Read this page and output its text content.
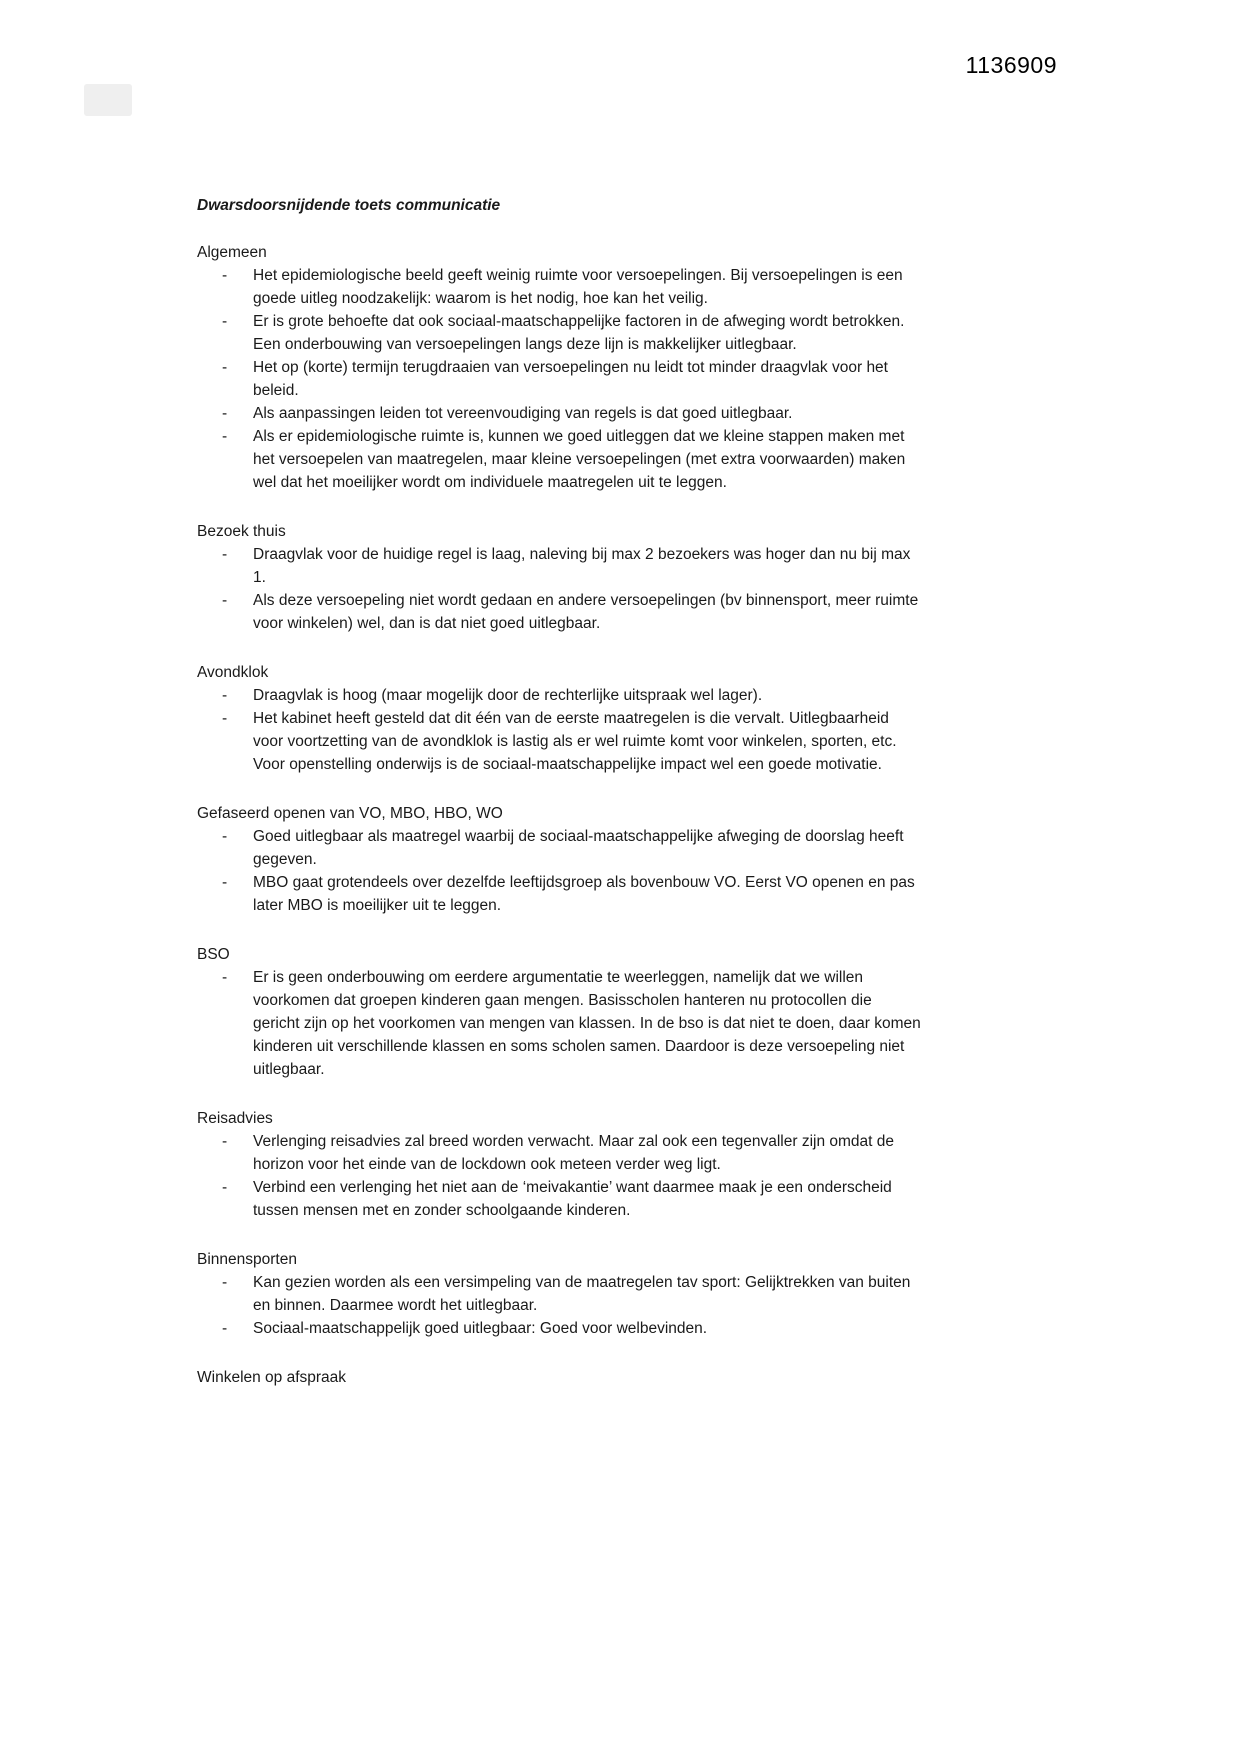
1136909
Dwarsdoorsnijdende toets communicatie
Algemeen
- Het epidemiologische beeld geeft weinig ruimte voor versoepelingen. Bij versoepelingen is een goede uitleg noodzakelijk: waarom is het nodig, hoe kan het veilig.
- Er is grote behoefte dat ook sociaal-maatschappelijke factoren in de afweging wordt betrokken. Een onderbouwing van versoepelingen langs deze lijn is makkelijker uitlegbaar.
- Het op (korte) termijn terugdraaien van versoepelingen nu leidt tot minder draagvlak voor het beleid.
- Als aanpassingen leiden tot vereenvoudiging van regels is dat goed uitlegbaar.
- Als er epidemiologische ruimte is, kunnen we goed uitleggen dat we kleine stappen maken met het versoepelen van maatregelen, maar kleine versoepelingen (met extra voorwaarden) maken wel dat het moeilijker wordt om individuele maatregelen uit te leggen.
Bezoek thuis
- Draagvlak voor de huidige regel is laag, naleving bij max 2 bezoekers was hoger dan nu bij max 1.
- Als deze versoepeling niet wordt gedaan en andere versoepelingen (bv binnensport, meer ruimte voor winkelen) wel, dan is dat niet goed uitlegbaar.
Avondklok
- Draagvlak is hoog (maar mogelijk door de rechterlijke uitspraak wel lager).
- Het kabinet heeft gesteld dat dit één van de eerste maatregelen is die vervalt. Uitlegbaarheid voor voortzetting van de avondklok is lastig als er wel ruimte komt voor winkelen, sporten, etc. Voor openstelling onderwijs is de sociaal-maatschappelijke impact wel een goede motivatie.
Gefaseerd openen van VO, MBO, HBO, WO
- Goed uitlegbaar als maatregel waarbij de sociaal-maatschappelijke afweging de doorslag heeft gegeven.
- MBO gaat grotendeels over dezelfde leeftijdsgroep als bovenbouw VO. Eerst VO openen en pas later MBO is moeilijker uit te leggen.
BSO
- Er is geen onderbouwing om eerdere argumentatie te weerleggen, namelijk dat we willen voorkomen dat groepen kinderen gaan mengen. Basisscholen hanteren nu protocollen die gericht zijn op het voorkomen van mengen van klassen. In de bso is dat niet te doen, daar komen kinderen uit verschillende klassen en soms scholen samen. Daardoor is deze versoepeling niet uitlegbaar.
Reisadvies
- Verlenging reisadvies zal breed worden verwacht. Maar zal ook een tegenvaller zijn omdat de horizon voor het einde van de lockdown ook meteen verder weg ligt.
- Verbind een verlenging het niet aan de ‘meivakantie’ want daarmee maak je een onderscheid tussen mensen met en zonder schoolgaande kinderen.
Binnensporten
- Kan gezien worden als een versimpeling van de maatregelen tav sport: Gelijktrekken van buiten en binnen. Daarmee wordt het uitlegbaar.
- Sociaal-maatschappelijk goed uitlegbaar: Goed voor welbevinden.
Winkelen op afspraak
